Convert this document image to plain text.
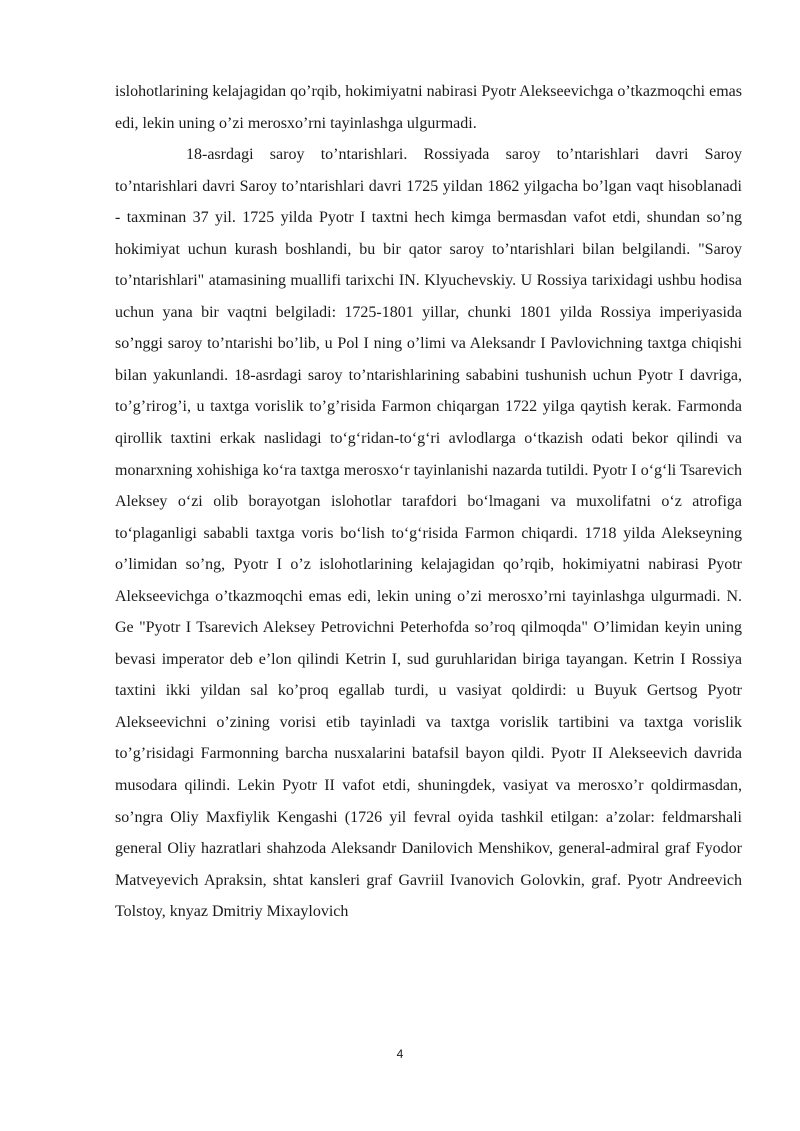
islohotlarining kelajagidan qo’rqib, hokimiyatni nabirasi Pyotr Alekseevichga o’tkazmoqchi emas edi, lekin uning o’zi merosxo’rni tayinlashga ulgurmadi.

18-asrdagi saroy to’ntarishlari. Rossiyada saroy to’ntarishlari davri Saroy to’ntarishlari davri Saroy to’ntarishlari davri 1725 yildan 1862 yilgacha bo’lgan vaqt hisoblanadi - taxminan 37 yil. 1725 yilda Pyotr I taxtni hech kimga bermasdan vafot etdi, shundan so’ng hokimiyat uchun kurash boshlandi, bu bir qator saroy to’ntarishlari bilan belgilandi. "Saroy to’ntarishlari" atamasining muallifi tarixchi IN. Klyuchevskiy. U Rossiya tarixidagi ushbu hodisa uchun yana bir vaqtni belgiladi: 1725-1801 yillar, chunki 1801 yilda Rossiya imperiyasida so’nggi saroy to’ntarishi bo’lib, u Pol I ning o’limi va Aleksandr I Pavlovichning taxtga chiqishi bilan yakunlandi. 18-asrdagi saroy to’ntarishlarining sababini tushunish uchun Pyotr I davriga, to’g’rirog’i, u taxtga vorislik to’g’risida Farmon chiqargan 1722 yilga qaytish kerak. Farmonda qirollik taxtini erkak naslidagi to‘g‘ridan-to‘g‘ri avlodlarga o‘tkazish odati bekor qilindi va monarxning xohishiga ko‘ra taxtga merosxo‘r tayinlanishi nazarda tutildi. Pyotr I o‘g‘li Tsarevich Aleksey o‘zi olib borayotgan islohotlar tarafdori bo‘lmagani va muxolifatni o‘z atrofiga to‘plaganligi sababli taxtga voris bo‘lish to‘g‘risida Farmon chiqardi. 1718 yilda Alekseyning o’limidan so’ng, Pyotr I o’z islohotlarining kelajagidan qo’rqib, hokimiyatni nabirasi Pyotr Alekseevichga o’tkazmoqchi emas edi, lekin uning o’zi merosxo’rni tayinlashga ulgurmadi. N. Ge "Pyotr I Tsarevich Aleksey Petrovichni Peterhofda so’roq qilmoqda" O’limidan keyin uning bevasi imperator deb e’lon qilindi Ketrin I, sud guruhlaridan biriga tayangan. Ketrin I Rossiya taxtini ikki yildan sal ko’proq egallab turdi, u vasiyat qoldirdi: u Buyuk Gertsog Pyotr Alekseevichni o’zining vorisi etib tayinladi va taxtga vorislik tartibini va taxtga vorislik to’g’risidagi Farmonning barcha nusxalarini batafsil bayon qildi. Pyotr II Alekseevich davrida musodara qilindi. Lekin Pyotr II vafot etdi, shuningdek, vasiyat va merosxo’r qoldirmasdan, so’ngra Oliy Maxfiylik Kengashi (1726 yil fevral oyida tashkil etilgan: a’zolar: feldmarshali general Oliy hazratlari shahzoda Aleksandr Danilovich Menshikov, general-admiral graf Fyodor Matveyevich Apraksin, shtat kansleri graf Gavriil Ivanovich Golovkin, graf. Pyotr Andreevich Tolstoy, knyaz Dmitriy Mixaylovich

4
